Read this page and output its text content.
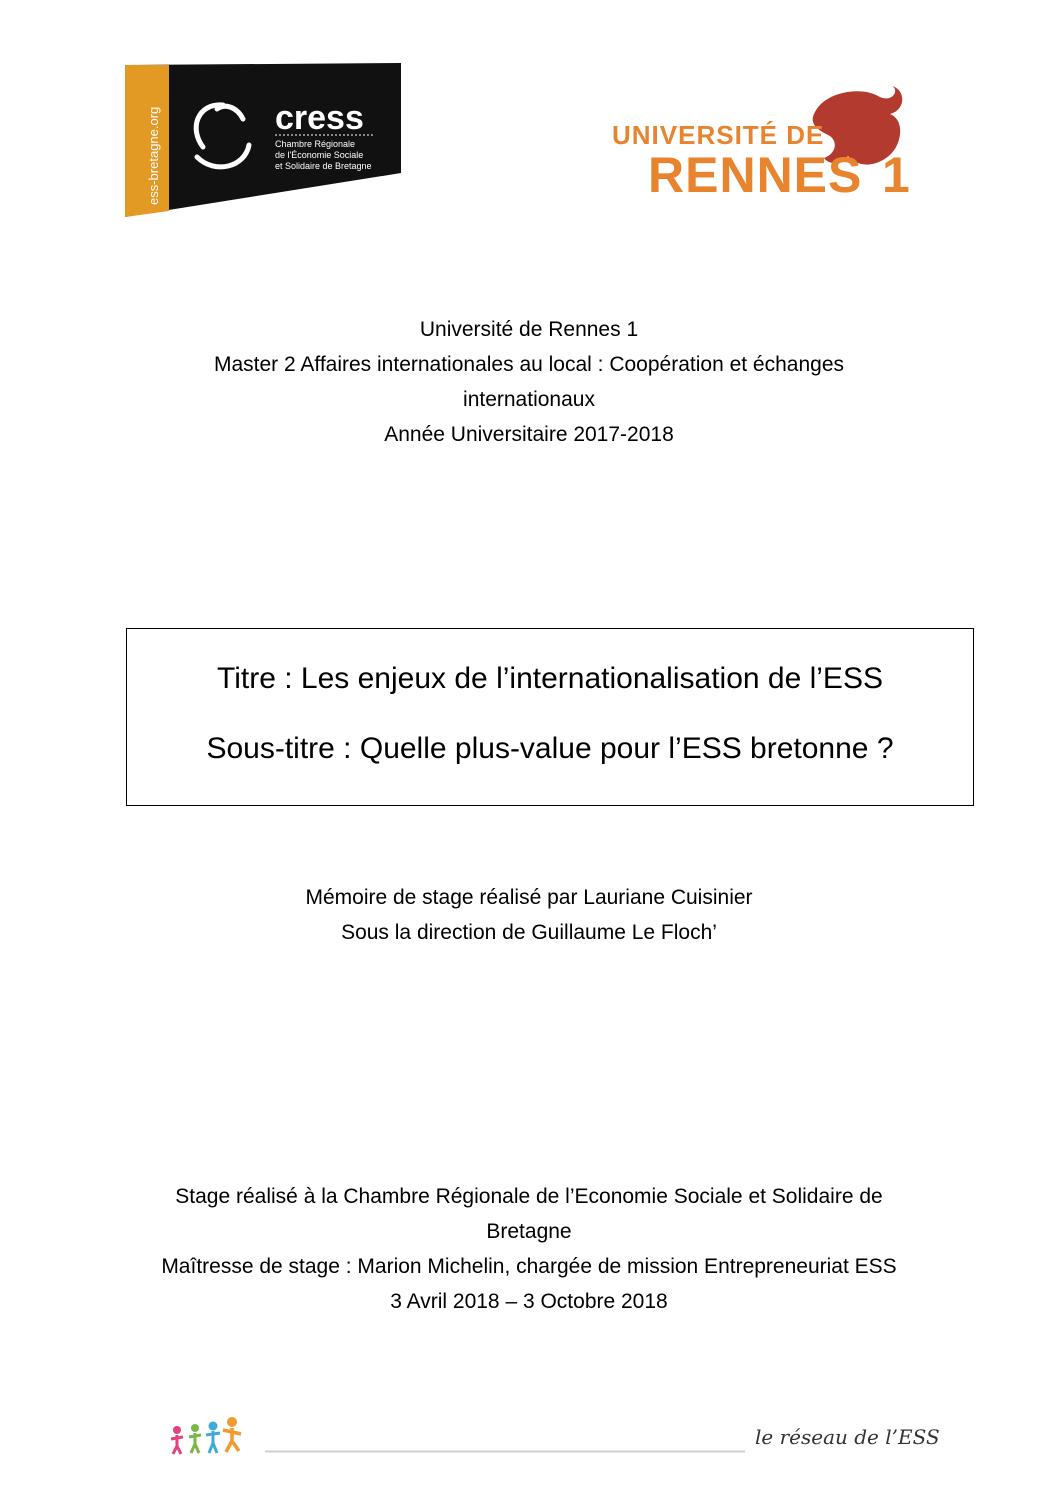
ess-bretagne.org	cress
Chambre Régionale
de l'Économie Sociale
et Solidaire de Bretagne
UNIVERSITÉ DE
RENNES 1
Université de Rennes 1
Master 2 Affaires internationales au local : Coopération et échanges
internationaux
Année Universitaire 2017-2018
Titre : Les enjeux de l’internationalisation de l’ESS
Sous-titre : Quelle plus-value pour l’ESS bretonne ?
Mémoire de stage réalisé par Lauriane Cuisinier
Sous la direction de Guillaume Le Floch’
Stage réalisé à la Chambre Régionale de l’Economie Sociale et Solidaire de
Bretagne
Maîtresse de stage : Marion Michelin, chargée de mission Entrepreneuriat ESS
3 Avril 2018 – 3 Octobre 2018
le réseau de l’ESS
